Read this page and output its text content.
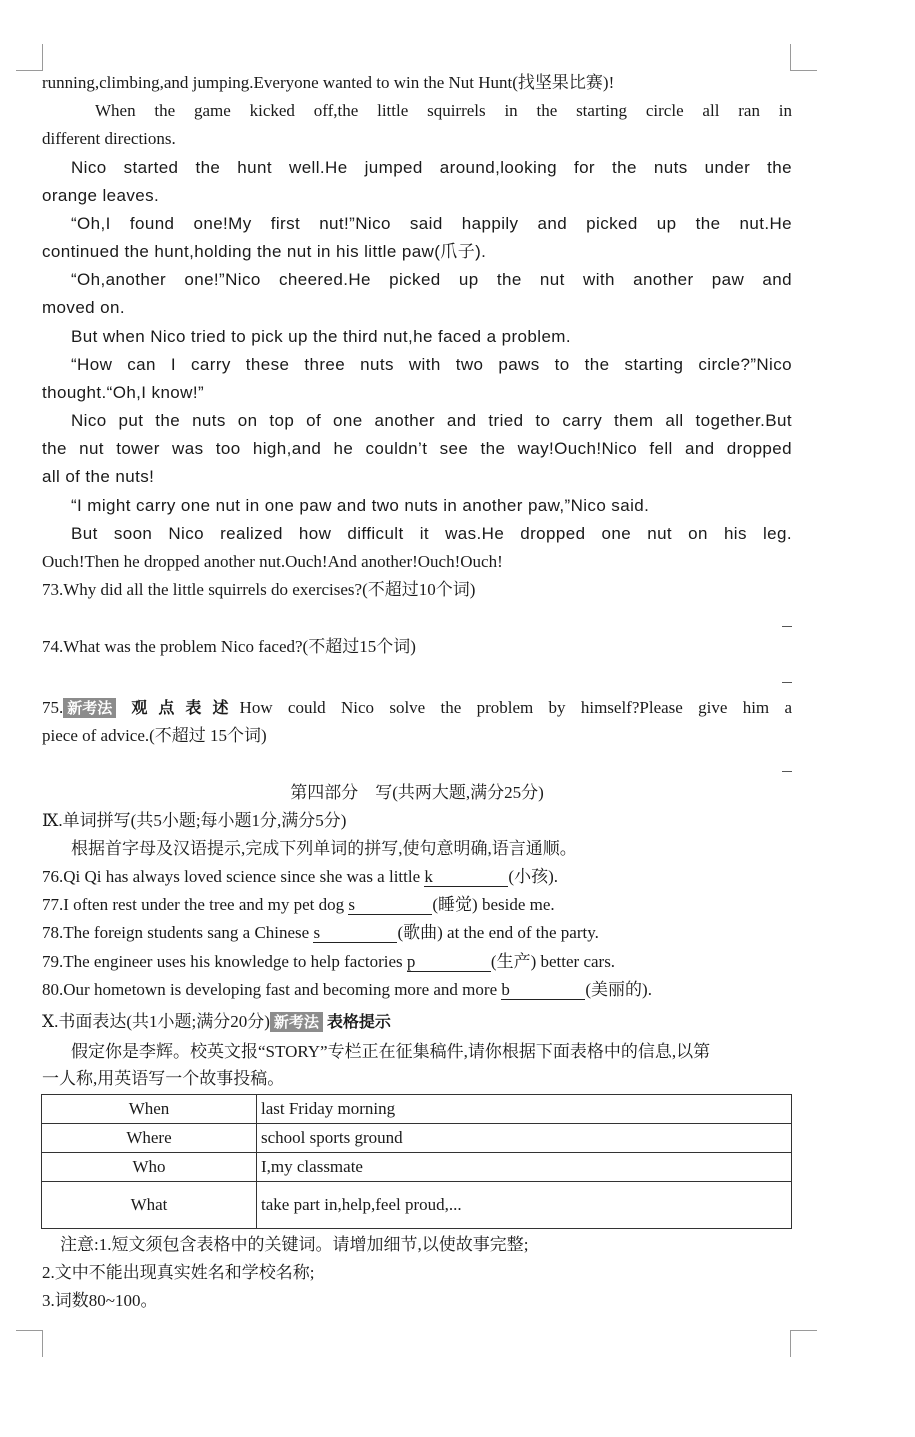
running,climbing,and jumping.Everyone wanted to win the Nut Hunt(找坚果比赛)!
When the game kicked off,the little squirrels in the starting circle all ran in
different directions.
Nico started the hunt well.He jumped around,looking for the nuts under the
orange leaves.
“Oh,I found one!My first nut!”Nico said happily and picked up the nut.He
continued the hunt,holding the nut in his little paw(爪子).
“Oh,another one!”Nico cheered.He picked up the nut with another paw and
moved on.
But when Nico tried to pick up the third nut,he faced a problem.
“How can I carry these three nuts with two paws to the starting circle?”Nico
thought.“Oh,I know!”
Nico put the nuts on top of one another and tried to carry them all together.But
the nut tower was too high,and he couldn’t see the way!Ouch!Nico fell and dropped
all of the nuts!
“I might carry one nut in one paw and two nuts in another paw,”Nico said.
But soon Nico realized how difficult it was.He dropped one nut on his leg.
Ouch!Then he dropped another nut.Ouch!And another!Ouch!Ouch!
73.Why did all the little squirrels do exercises?(不超过10个词)
74.What was the problem Nico faced?(不超过15个词)
75. 新考法 观点表述How could Nico solve the problem by himself?Please give him a
piece of advice.(不超过 15个词)
第四部分　写(共两大题,满分25分)
Ⅸ.单词拼写(共5小题;每小题1分,满分5分)
根据首字母及汉语提示,完成下列单词的拼写,使句意明确,语言通顺。
76.Qi Qi has always loved science since she was a little k	(小孩).
77.I often rest under the tree and my pet dog s	(睡觉) beside me.
78.The foreign students sang a Chinese s	(歌曲) at the end of the party.
79.The engineer uses his knowledge to help factories p	(生产) better cars.
80.Our hometown is developing fast and becoming more and more b	(美丽的).
Ⅹ.书面表达(共1小题;满分20分) 新考法 表格提示
假定你是李辉。校英文报“STORY”专栏正在征集稿件,请你根据下面表格中的信息,以第
一人称,用英语写一个故事投稿。
When	last Friday morning
Where	school sports ground
Who	I,my classmate
What	take part in,help,feel proud,...
注意:1.短文须包含表格中的关键词。请增加细节,以使故事完整;
2.文中不能出现真实姓名和学校名称;
3.词数80~100。
